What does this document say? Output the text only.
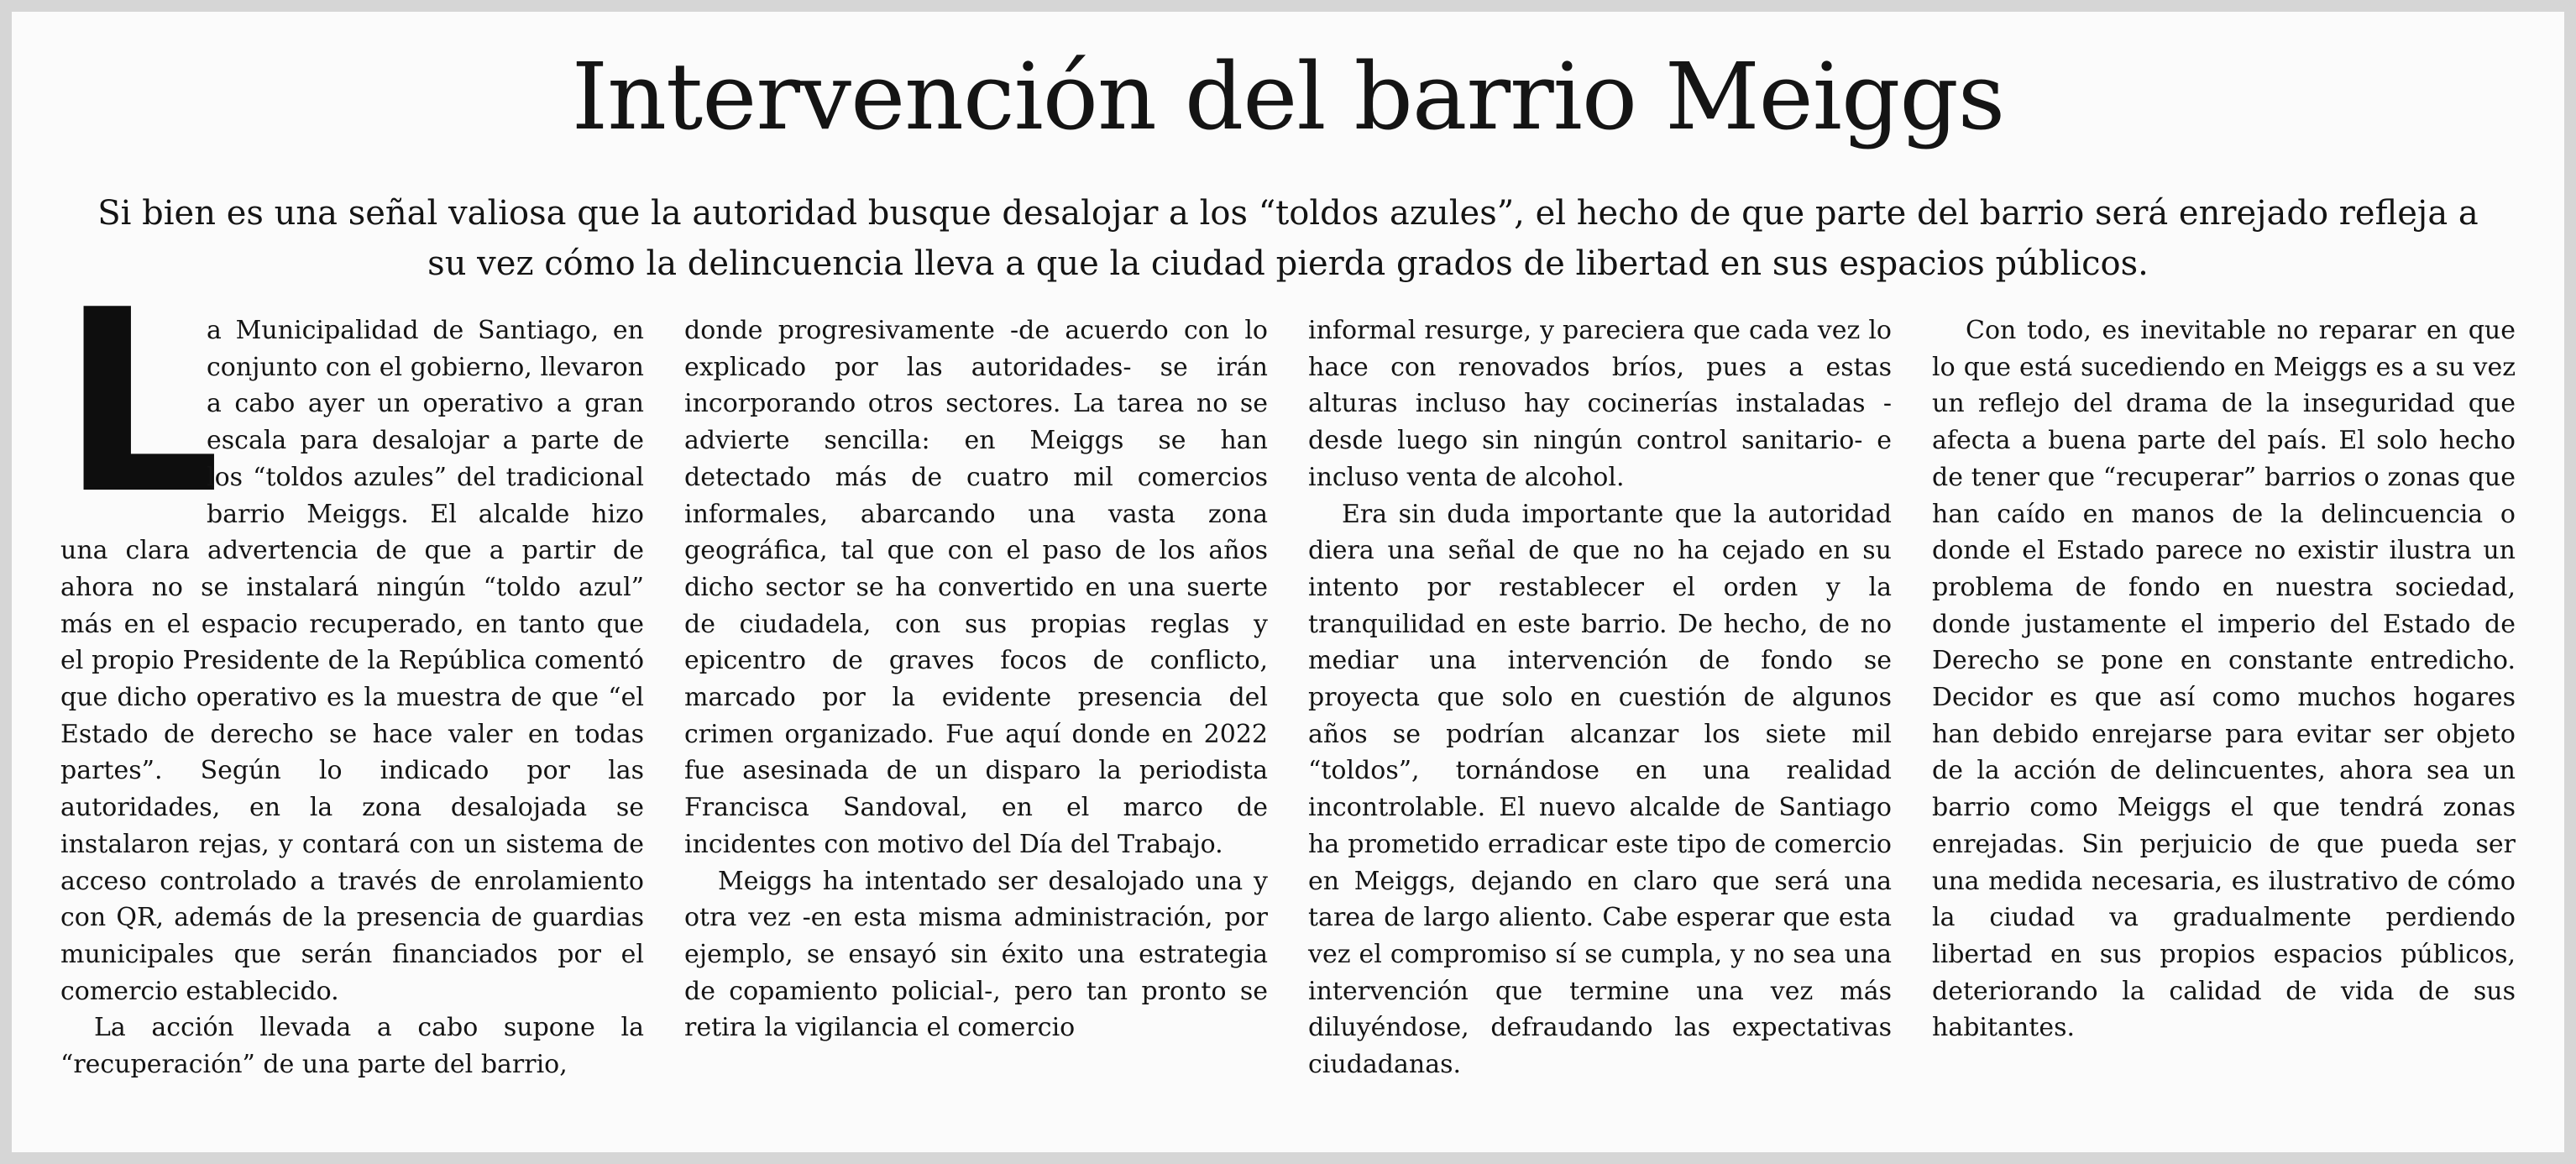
Intervención del barrio Meiggs

Si bien es una señal valiosa que la autoridad busque desalojar a los “toldos azules”, el hecho de que parte del barrio será enrejado refleja a su vez cómo la delincuencia lleva a que la ciudad pierda grados de libertad en sus espacios públicos.

L
a Municipalidad de Santiago, en conjunto con el gobierno, llevaron a cabo ayer un operativo a gran escala para desalojar a parte de los “toldos azules” del tradicional barrio Meiggs. El alcalde hizo una clara advertencia de que a partir de ahora no se instalará ningún “toldo azul” más en el espacio recuperado, en tanto que el propio Presidente de la República comentó que dicho operativo es la muestra de que “el Estado de derecho se hace valer en todas partes”. Según lo indicado por las autoridades, en la zona desalojada se instalaron rejas, y contará con un sistema de acceso controlado a través de enrolamiento con QR, además de la presencia de guardias municipales que serán financiados por el comercio establecido.

La acción llevada a cabo supone la “recuperación” de una parte del barrio,

donde progresivamente -de acuerdo con lo explicado por las autoridades- se irán incorporando otros sectores. La tarea no se advierte sencilla: en Meiggs se han detectado más de cuatro mil comercios informales, abarcando una vasta zona geográfica, tal que con el paso de los años dicho sector se ha convertido en una suerte de ciudadela, con sus propias reglas y epicentro de graves focos de conflicto, marcado por la evidente presencia del crimen organizado. Fue aquí donde en 2022 fue asesinada de un disparo la periodista Francisca Sandoval, en el marco de incidentes con motivo del Día del Trabajo.

Meiggs ha intentado ser desalojado una y otra vez -en esta misma administración, por ejemplo, se ensayó sin éxito una estrategia de copamiento policial-, pero tan pronto se retira la vigilancia el comercio

informal resurge, y pareciera que cada vez lo hace con renovados bríos, pues a estas alturas incluso hay cocinerías instaladas -desde luego sin ningún control sanitario- e incluso venta de alcohol.

Era sin duda importante que la autoridad diera una señal de que no ha cejado en su intento por restablecer el orden y la tranquilidad en este barrio. De hecho, de no mediar una intervención de fondo se proyecta que solo en cuestión de algunos años se podrían alcanzar los siete mil “toldos”, tornándose en una realidad incontrolable. El nuevo alcalde de Santiago ha prometido erradicar este tipo de comercio en Meiggs, dejando en claro que será una tarea de largo aliento. Cabe esperar que esta vez el compromiso sí se cumpla, y no sea una intervención que termine una vez más diluyéndose, defraudando las expectativas ciudadanas.

Con todo, es inevitable no reparar en que lo que está sucediendo en Meiggs es a su vez un reflejo del drama de la inseguridad que afecta a buena parte del país. El solo hecho de tener que “recuperar” barrios o zonas que han caído en manos de la delincuencia o donde el Estado parece no existir ilustra un problema de fondo en nuestra sociedad, donde justamente el imperio del Estado de Derecho se pone en constante entredicho. Decidor es que así como muchos hogares han debido enrejarse para evitar ser objeto de la acción de delincuentes, ahora sea un barrio como Meiggs el que tendrá zonas enrejadas. Sin perjuicio de que pueda ser una medida necesaria, es ilustrativo de cómo la ciudad va gradualmente perdiendo libertad en sus propios espacios públicos, deteriorando la calidad de vida de sus habitantes.
